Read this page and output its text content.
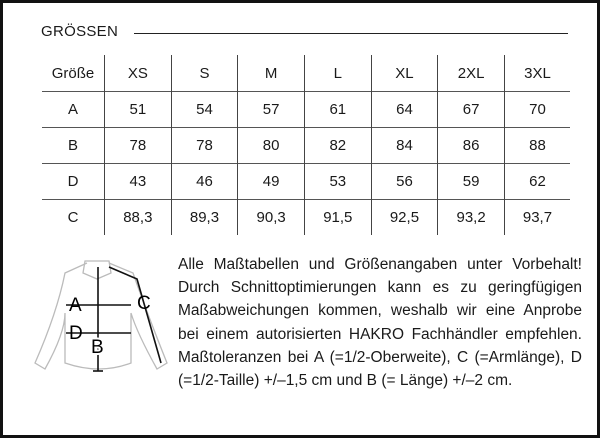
GRÖSSEN
Größe	XS	S	M	L	XL	2XL	3XL
A	51	54	57	61	64	67	70
B	78	78	80	82	84	86	88
D	43	46	49	53	56	59	62
C	88,3	89,3	90,3	91,5	92,5	93,2	93,7
A
D
B
C
Alle Maßtabellen und Größenangaben unter Vorbehalt! Durch Schnittoptimierungen kann es zu geringfügigen Maßabweichungen kommen, weshalb wir eine Anprobe bei einem autorisierten HAKRO Fachhändler empfehlen. Maßtoleranzen bei A (=1/2-Oberweite), C (=Armlänge), D (=1/2-Taille) +/–1,5 cm und B (= Länge) +/–2 cm.
